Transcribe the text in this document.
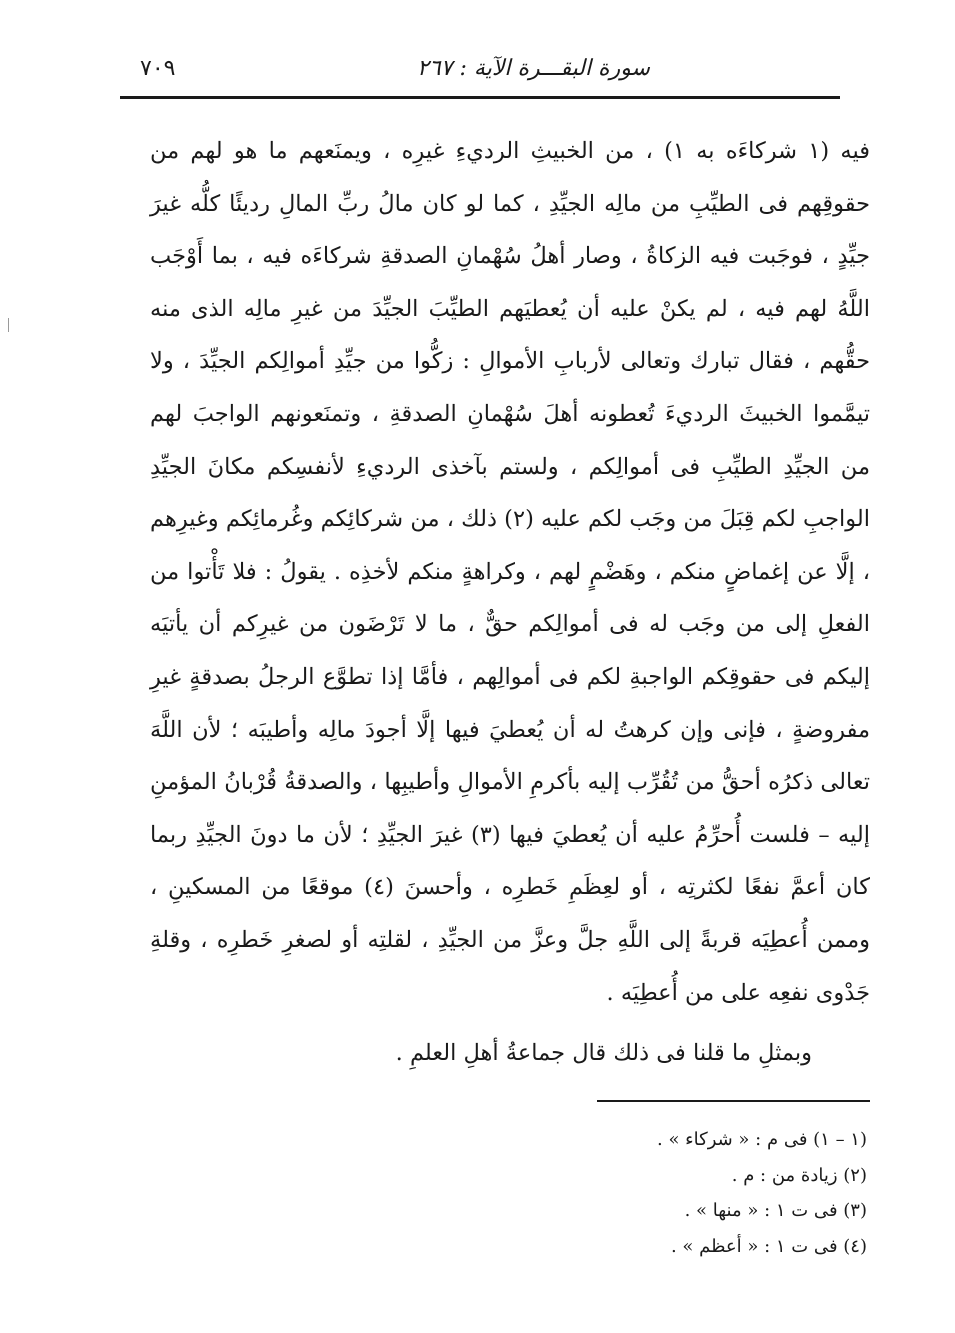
٧٠٩	سورة البقـــرة الآية : ٢٦٧

فيه (١ شركاءَه به ١) ، من الخبيثِ الرديءِ غيرِه ، ويمنَعهم ما هو لهم من حقوقِهم فى الطيِّبِ من مالِه الجيِّدِ ، كما لو كان مالُ ربِّ المالِ رديئًا كلُّه غيرَ جيِّدٍ ، فوجَبت فيه الزكاةُ ، وصار أهلُ سُهْمانِ الصدقةِ شركاءَه فيه ، بما أَوْجَب اللَّهُ لهم فيه ، لم يكنْ عليه أن يُعطيَهم الطيِّبَ الجيِّدَ من غيرِ مالِه الذى منه حقُّهم ، فقال تبارك وتعالى لأربابِ الأموالِ : زكُّوا من جيِّدِ أموالِكم الجيِّدَ ، ولا تيمَّموا الخبيثَ الرديءَ تُعطونه أهلَ سُهْمانِ الصدقةِ ، وتمنَعونهم الواجبَ لهم من الجيِّدِ الطيِّبِ فى أموالِكم ، ولستم بآخذى الرديءِ لأنفسِكم مكانَ الجيِّدِ الواجبِ لكم قِبَلَ من وجَب لكم عليه (٢) ذلك ، من شركائِكم وغُرمائِكم وغيرِهم ، إلَّا عن إغماضٍ منكم ، وهَضْمٍ لهم ، وكراهةٍ منكم لأخذِه . يقولُ : فلا تَأْتوا من الفعلِ إلى من وجَب له فى أموالِكم حقٌّ ، ما لا تَرْضَون من غيرِكم أن يأتيَه إليكم فى حقوقِكم الواجبةِ لكم فى أموالِهم ، فأمَّا إذا تطوَّع الرجلُ بصدقةٍ غيرِ مفروضةٍ ، فإنى وإن كرهتُ له أن يُعطيَ فيها إلَّا أجودَ مالِه وأطيبَه ؛ لأن اللَّهَ تعالى ذكرُه أحقُّ من تُقُرِّب إليه بأكرمِ الأموالِ وأطيبِها ، والصدقةُ قُرْبانُ المؤمنِ إليه – فلست أُحرِّمُ عليه أن يُعطيَ فيها (٣) غيرَ الجيِّدِ ؛ لأن ما دونَ الجيِّدِ ربما كان أعمَّ نفعًا لكثرتِه ، أو لعِظَمِ خَطرِه ، وأحسنَ (٤) موقعًا من المسكينِ ، وممن أُعطِيَه قربةً إلى اللَّهِ جلَّ وعزَّ من الجيِّدِ ، لقلتِه أو لصغرِ خَطرِه ، وقلةِ جَدْوى نفعِه على من أُعطِيَه .

وبمثلِ ما قلنا فى ذلك قال جماعةُ أهلِ العلمِ .

(١ – ١) فى م : « شركاء » .
(٢) زيادة من : م .
(٣) فى ت ١ : « منها » .
(٤) فى ت ١ : « أعظم » .
